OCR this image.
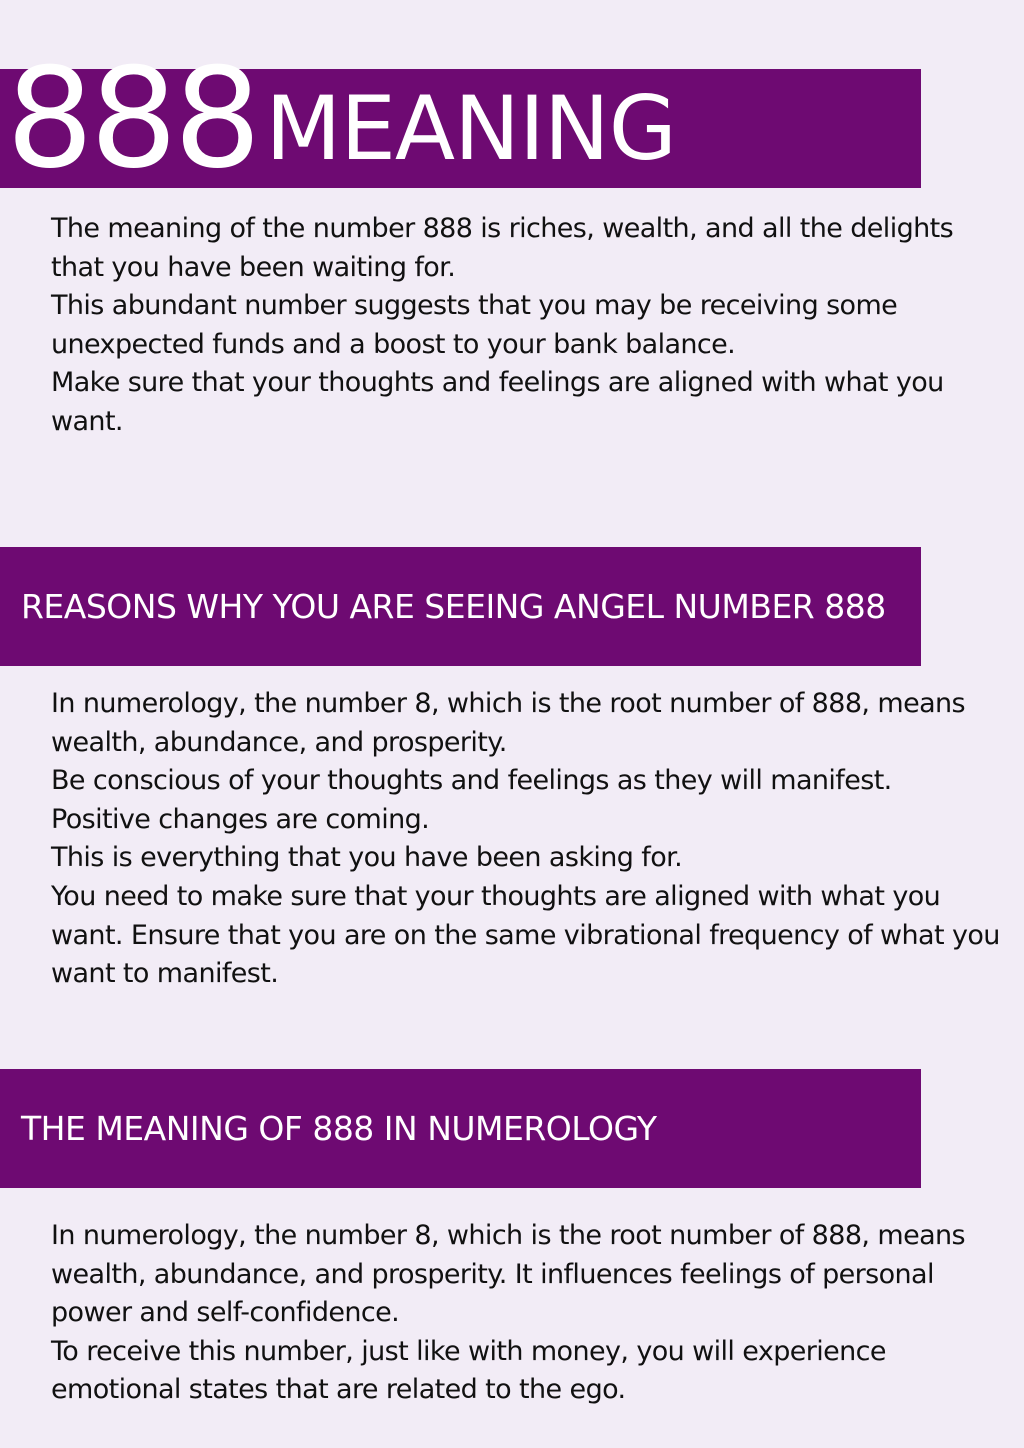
888MEANING

The meaning of the number 888 is riches, wealth, and all the delights that you have been waiting for.

This abundant number suggests that you may be receiving some unexpected funds and a boost to your bank balance.

Make sure that your thoughts and feelings are aligned with what you want.

REASONS WHY YOU ARE SEEING ANGEL NUMBER 888

In numerology, the number 8, which is the root number of 888, means wealth, abundance, and prosperity.

Be conscious of your thoughts and feelings as they will manifest.

Positive changes are coming.

This is everything that you have been asking for.

You need to make sure that your thoughts are aligned with what you want. Ensure that you are on the same vibrational frequency of what you want to manifest.

THE MEANING OF 888 IN NUMEROLOGY

In numerology, the number 8, which is the root number of 888, means wealth, abundance, and prosperity. It influences feelings of personal power and self-confidence.

To receive this number, just like with money, you will experience emotional states that are related to the ego.
